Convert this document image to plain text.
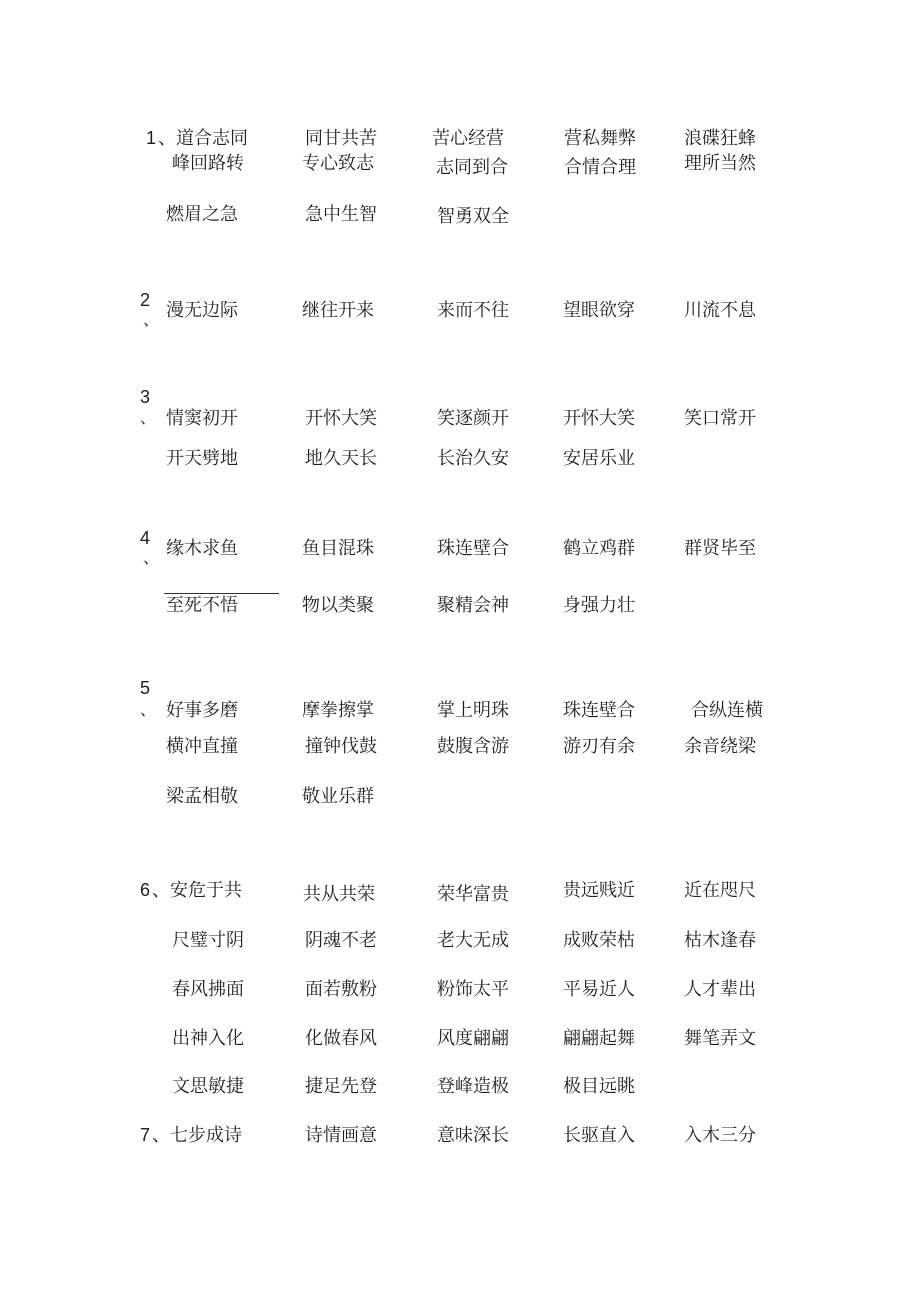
1 、 道合志同	同甘共苦	苦心经营	营私舞弊	浪碟狂蜂
峰回路转	专心致志	志同到合	合情合理	理所当然
燃眉之急	急中生智	智勇双全
2
、 漫无边际	继往开来	来而不往	望眼欲穿	川流不息
3
、 情窦初开	开怀大笑	笑逐颜开	开怀大笑	笑口常开
开天劈地	地久天长	长治久安	安居乐业
4
、 缘木求鱼	鱼目混珠	珠连壁合	鹤立鸡群	群贤毕至
至死不悟	物以类聚	聚精会神	身强力壮
5
、 好事多磨	摩拳擦掌	掌上明珠	珠连壁合	合纵连横
横冲直撞	撞钟伐鼓	鼓腹含游	游刃有余	余音绕梁
梁孟相敬	敬业乐群
6 、 安危于共	共从共荣	荣华富贵	贵远贱近	近在咫尺
尺璧寸阴	阴魂不老	老大无成	成败荣枯	枯木逢春
春风拂面	面若敷粉	粉饰太平	平易近人	人才辈出
出神入化	化做春风	风度翩翩	翩翩起舞	舞笔弄文
文思敏捷	捷足先登	登峰造极	极目远眺
7 、 七步成诗	诗情画意	意味深长	长驱直入	入木三分
